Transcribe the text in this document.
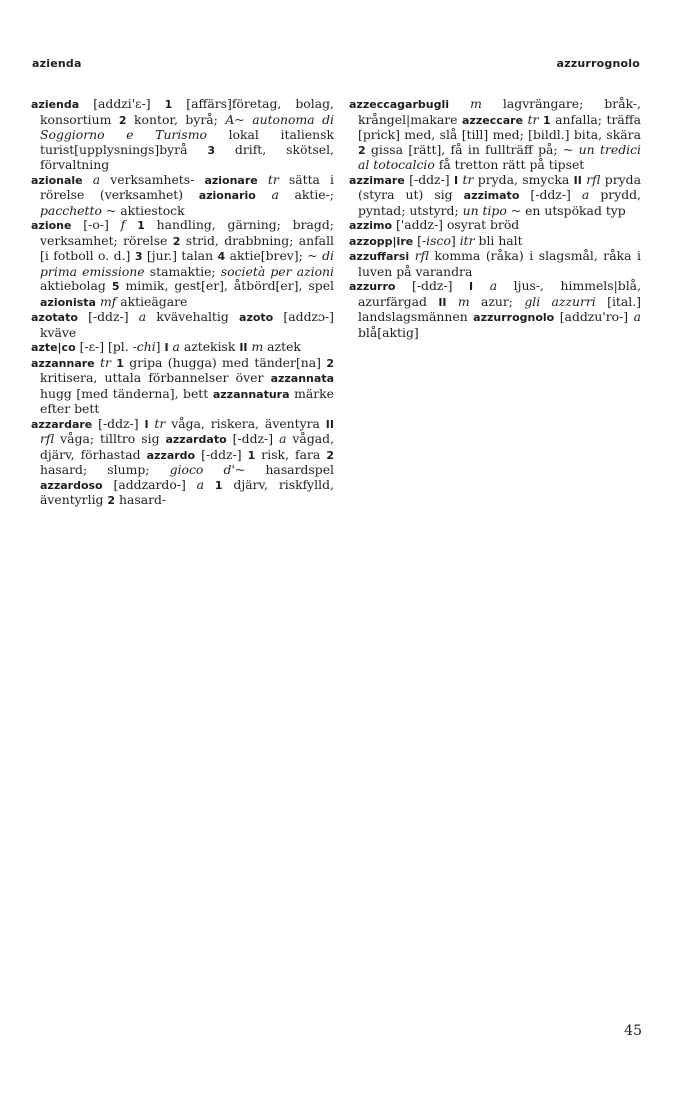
azienda	azzurrognolo

azienda [addzi'ɛ-] 1 [affärs]företag, bolag, konsortium 2 kontor, byrå; A~ autonoma di Soggiorno e Turismo lokal italiensk turist[upplysnings]byrå 3 drift, skötsel, förvaltning

azionale a verksamhets- azionare tr sätta i rörelse (verksamhet) azionario a aktie-; pacchetto ~ aktiestock

azione [-o-] f 1 handling, gärning; bragd; verksamhet; rörelse 2 strid, drabbning; anfall [i fotboll o. d.] 3 [jur.] talan 4 aktie[brev]; ~ di prima emissione stamaktie; società per azioni aktiebolag 5 mimik, gest[er], åtbörd[er], spel azionista mf aktieägare

azotato [-ddz-] a kvävehaltig azoto [addzɔ-] kväve

azte|co [-ɛ-] [pl. -chi] I a aztekisk II m aztek

azzannare tr 1 gripa (hugga) med tänder[na] 2 kritisera, uttala förbannelser över azzannata hugg [med tänderna], bett azzannatura märke efter bett

azzardare [-ddz-] I tr våga, riskera, äventyra II rfl våga; tilltro sig azzardato [-ddz-] a vågad, djärv, förhastad azzardo [-ddz-] 1 risk, fara 2 hasard; slump; gioco d'~ hasardspel azzardoso [addzardo-] a 1 djärv, riskfylld, äventyrlig 2 hasard-

azzeccagarbugli m lagvrängare; bråk-, krångel|makare azzeccare tr 1 anfalla; träffa [prick] med, slå [till] med; [bildl.] bita, skära 2 gissa [rätt], få in fullträff på; ~ un tredici al totocalcio få tretton rätt på tipset

azzimare [-ddz-] I tr pryda, smycka II rfl pryda (styra ut) sig azzimato [-ddz-] a prydd, pyntad; utstyrd; un tipo ~ en utspökad typ

azzimo ['addz-] osyrat bröd

azzopp|ire [-isco] itr bli halt

azzuffarsi rfl komma (råka) i slagsmål, råka i luven på varandra

azzurro [-ddz-] I a ljus-, himmels|blå, azurfärgad II m azur; gli azzurri [ital.] landslagsmännen azzurrognolo [addzu'ro-] a blå[aktig]

45
